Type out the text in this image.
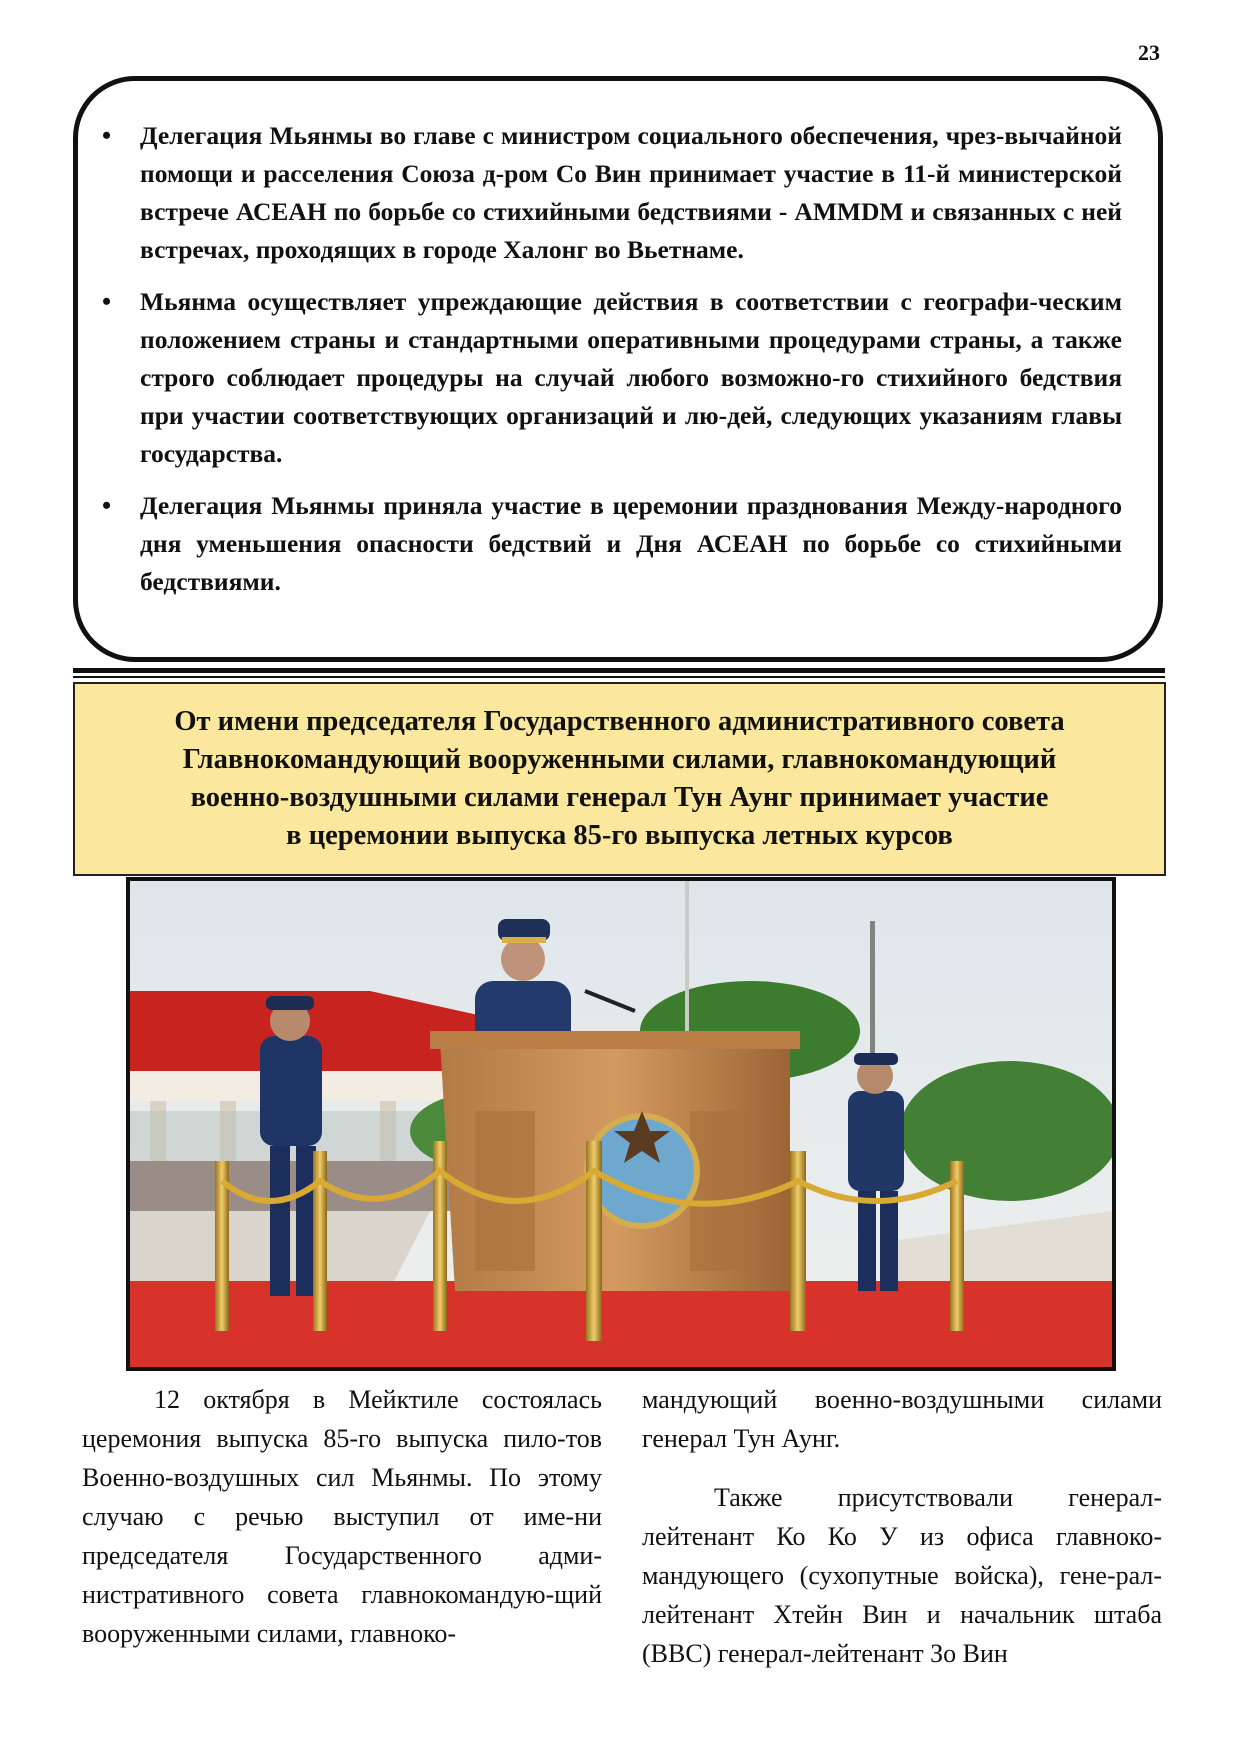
23
• Делегация Мьянмы во главе с министром социального обеспечения, чрез-вычайной помощи и расселения Союза д-ром Со Вин принимает участие в 11-й министерской встрече АСЕАН по борьбе со стихийными бедствиями - AMMDM и связанных с ней встречах, проходящих в городе Халонг во Вьетнаме.
• Мьянма осуществляет упреждающие действия в соответствии с географи-ческим положением страны и стандартными оперативными процедурами страны, а также строго соблюдает процедуры на случай любого возможно-го стихийного бедствия при участии соответствующих организаций и лю-дей, следующих указаниям главы государства.
• Делегация Мьянмы приняла участие в церемонии празднования Между-народного дня уменьшения опасности бедствий и Дня АСЕАН по борьбе со стихийными бедствиями.
От имени председателя Государственного административного совета
Главнокомандующий вооруженными силами, главнокомандующий
военно-воздушными силами генерал Тун Аунг принимает участие
в церемонии выпуска 85-го выпуска летных курсов

12 октября в Мейктиле состоялась церемония выпуска 85-го выпуска пило-тов Военно-воздушных сил Мьянмы. По этому случаю с речью выступил от име-ни председателя Государственного адми-нистративного совета главнокомандую-щий вооруженными силами, главноко-

мандующий военно-воздушными силами генерал Тун Аунг.

Также присутствовали генерал-лейтенант Ко Ко У из офиса главноко-мандующего (сухопутные войска), гене-рал-лейтенант Хтейн Вин и начальник штаба (ВВС) генерал-лейтенант Зо Вин
